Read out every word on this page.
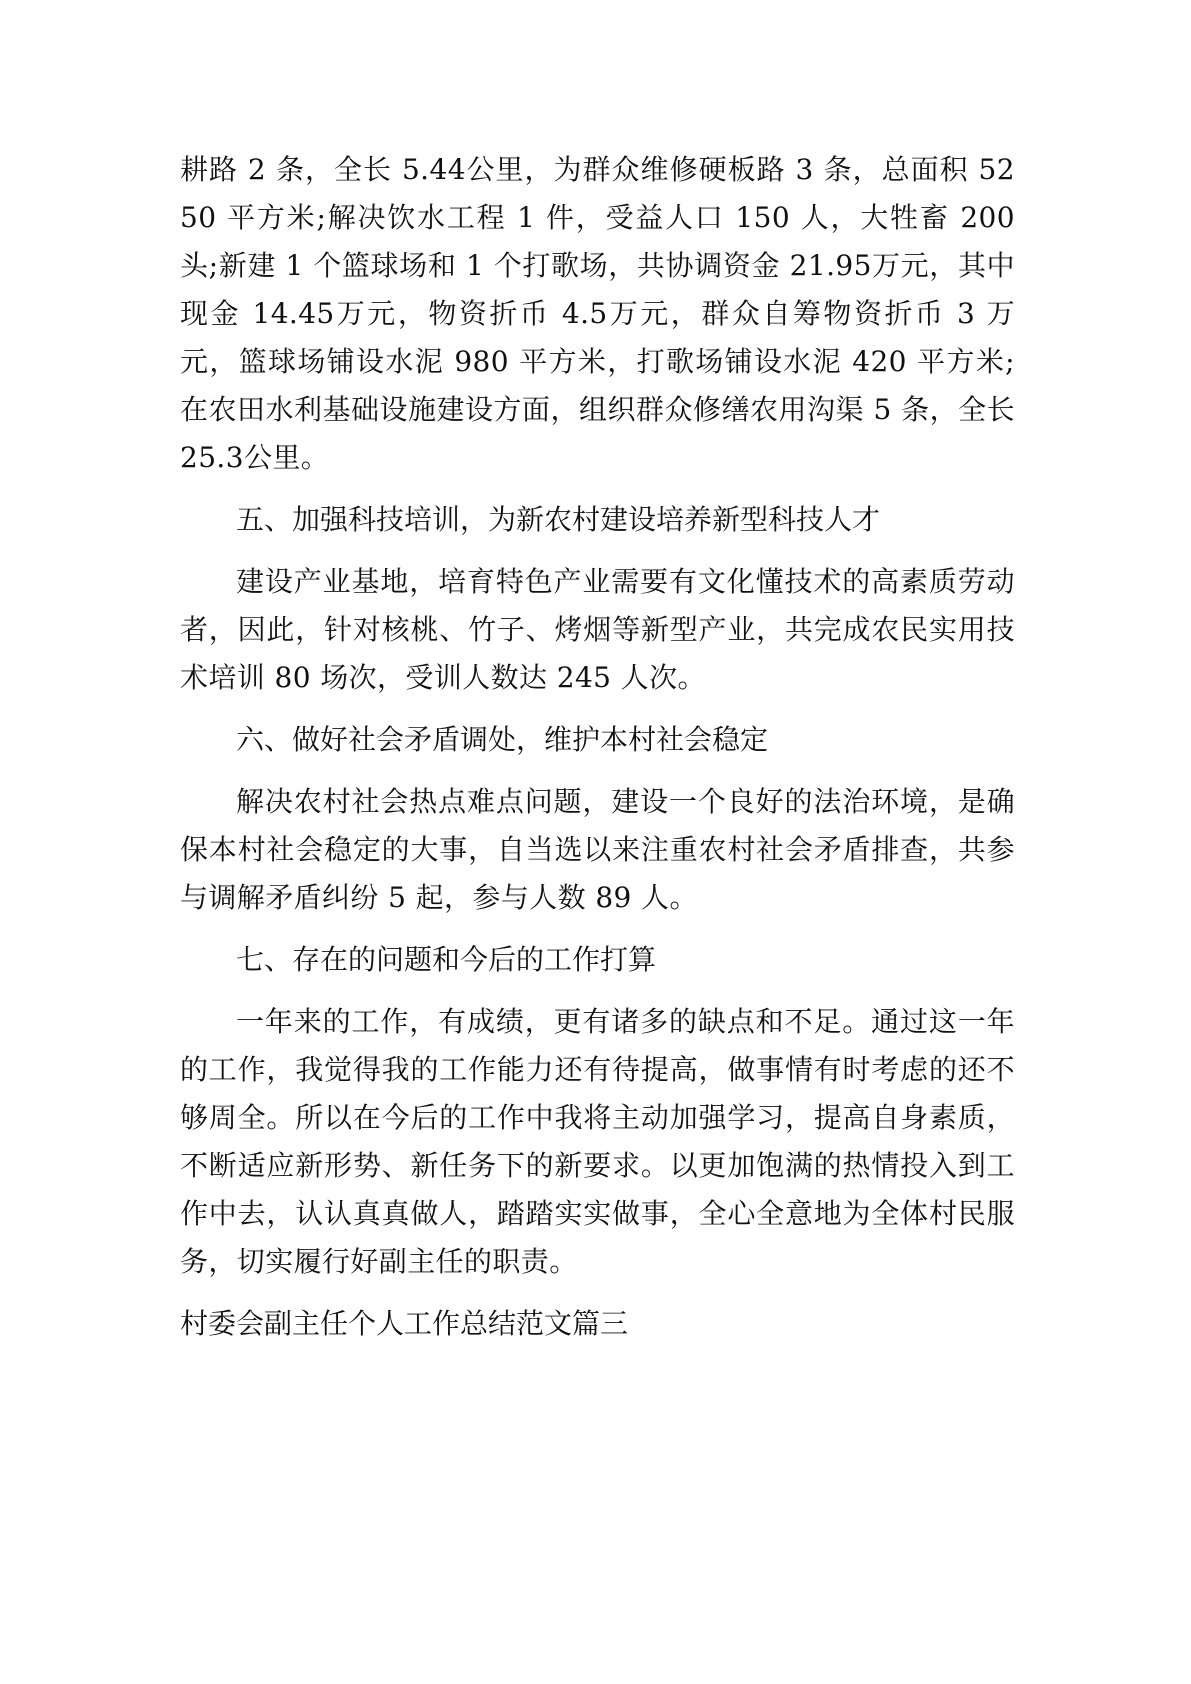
耕路 2 条，全长 5.44公里，为群众维修硬板路 3 条，总面积 5250 平方米;解决饮水工程 1 件，受益人口 150 人，大牲畜 200 头;新建 1 个篮球场和 1 个打歌场，共协调资金 21.95万元，其中现金 14.45万元，物资折币 4.5万元，群众自筹物资折币 3 万元，篮球场铺设水泥 980 平方米，打歌场铺设水泥 420 平方米;在农田水利基础设施建设方面，组织群众修缮农用沟渠 5 条，全长 25.3公里。

五、加强科技培训，为新农村建设培养新型科技人才

建设产业基地，培育特色产业需要有文化懂技术的高素质劳动者，因此，针对核桃、竹子、烤烟等新型产业，共完成农民实用技术培训 80 场次，受训人数达 245 人次。

六、做好社会矛盾调处，维护本村社会稳定

解决农村社会热点难点问题，建设一个良好的法治环境，是确保本村社会稳定的大事，自当选以来注重农村社会矛盾排查，共参与调解矛盾纠纷 5 起，参与人数 89 人。

七、存在的问题和今后的工作打算

一年来的工作，有成绩，更有诸多的缺点和不足。通过这一年的工作，我觉得我的工作能力还有待提高，做事情有时考虑的还不够周全。所以在今后的工作中我将主动加强学习，提高自身素质，不断适应新形势、新任务下的新要求。以更加饱满的热情投入到工作中去，认认真真做人，踏踏实实做事，全心全意地为全体村民服务，切实履行好副主任的职责。

村委会副主任个人工作总结范文篇三
